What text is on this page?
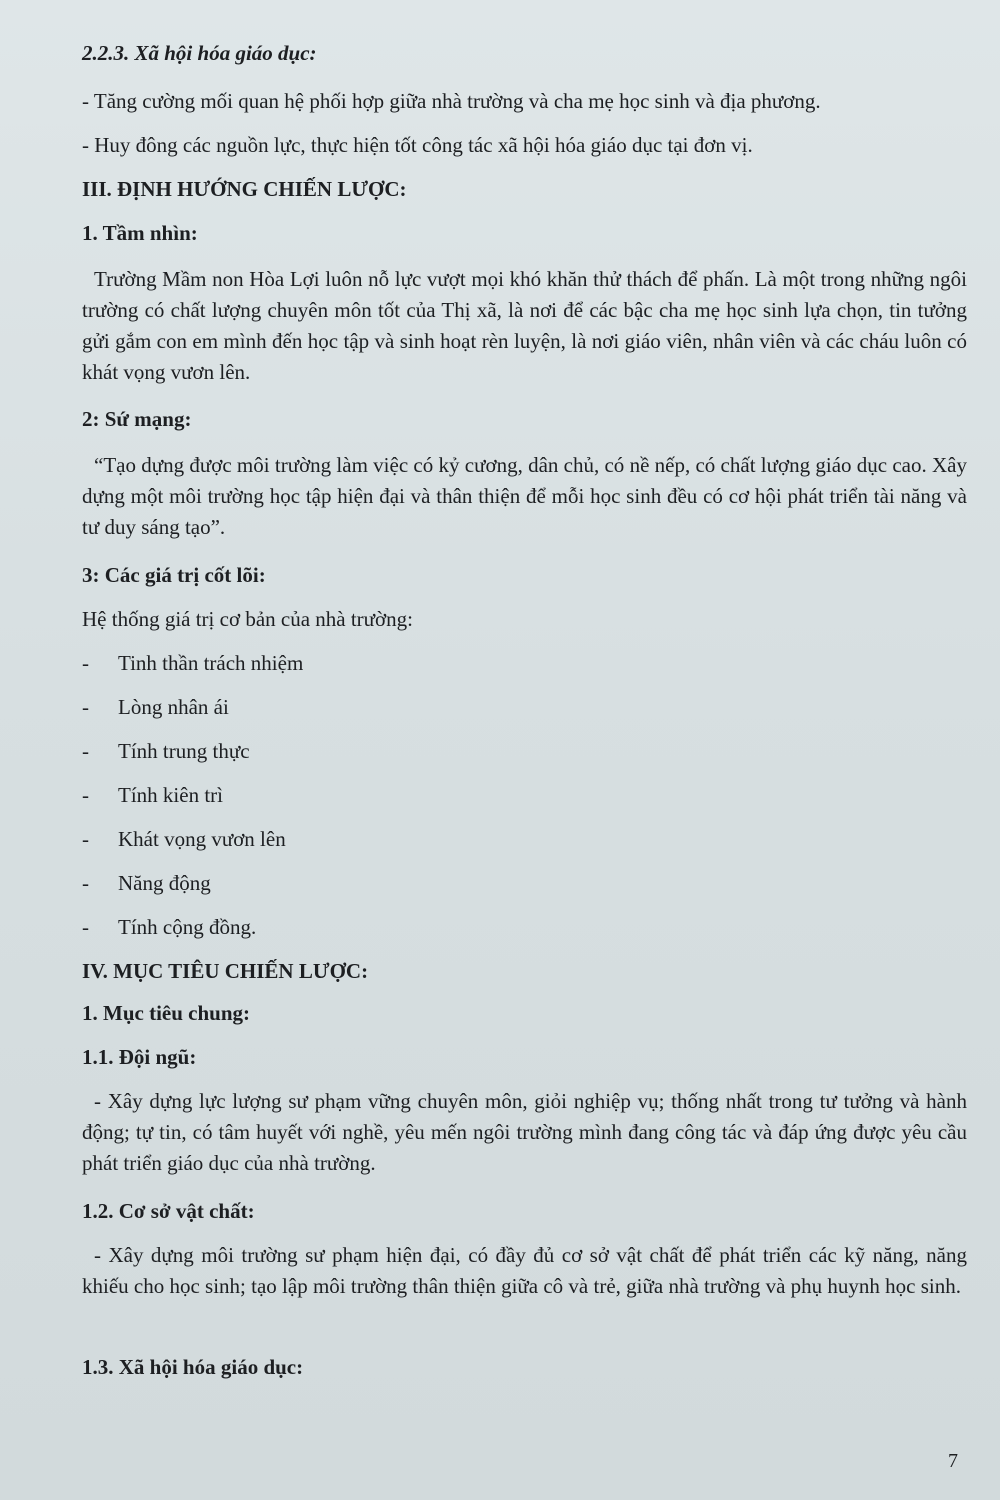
2.2.3. Xã hội hóa giáo dục:
- Tăng cường mối quan hệ phối hợp giữa nhà trường và cha mẹ học sinh và địa phương.
- Huy đông các nguồn lực, thực hiện tốt công tác xã hội hóa giáo dục tại đơn vị.
III. ĐỊNH HƯỚNG CHIẾN LƯỢC:
1. Tầm nhìn:
Trường Mầm non Hòa Lợi luôn nỗ lực vượt mọi khó khăn thử thách để phấn. Là một trong những ngôi trường có chất lượng chuyên môn tốt của Thị xã, là nơi để các bậc cha mẹ học sinh lựa chọn, tin tưởng gửi gắm con em mình đến học tập và sinh hoạt rèn luyện, là nơi giáo viên, nhân viên và các cháu luôn có khát vọng vươn lên.
2: Sứ mạng:
“Tạo dựng được môi trường làm việc có kỷ cương, dân chủ, có nề nếp, có chất lượng giáo dục cao. Xây dựng một môi trường học tập hiện đại và thân thiện để mỗi học sinh đều có cơ hội phát triển tài năng và tư duy sáng tạo”.
3: Các giá trị cốt lõi:
Hệ thống giá trị cơ bản của nhà trường:
- Tinh thần trách nhiệm
- Lòng nhân ái
- Tính trung thực
- Tính kiên trì
- Khát vọng vươn lên
- Năng động
- Tính cộng đồng.
IV. MỤC TIÊU CHIẾN LƯỢC:
1. Mục tiêu chung:
1.1. Đội ngũ:
- Xây dựng lực lượng sư phạm vững chuyên môn, giỏi nghiệp vụ; thống nhất trong tư tưởng và hành động; tự tin, có tâm huyết với nghề, yêu mến ngôi trường mình đang công tác và đáp ứng được yêu cầu phát triển giáo dục của nhà trường.
1.2. Cơ sở vật chất:
- Xây dựng môi trường sư phạm hiện đại, có đầy đủ cơ sở vật chất để phát triển các kỹ năng, năng khiếu cho học sinh; tạo lập môi trường thân thiện giữa cô và trẻ, giữa nhà trường và phụ huynh học sinh.
1.3. Xã hội hóa giáo dục:
7
